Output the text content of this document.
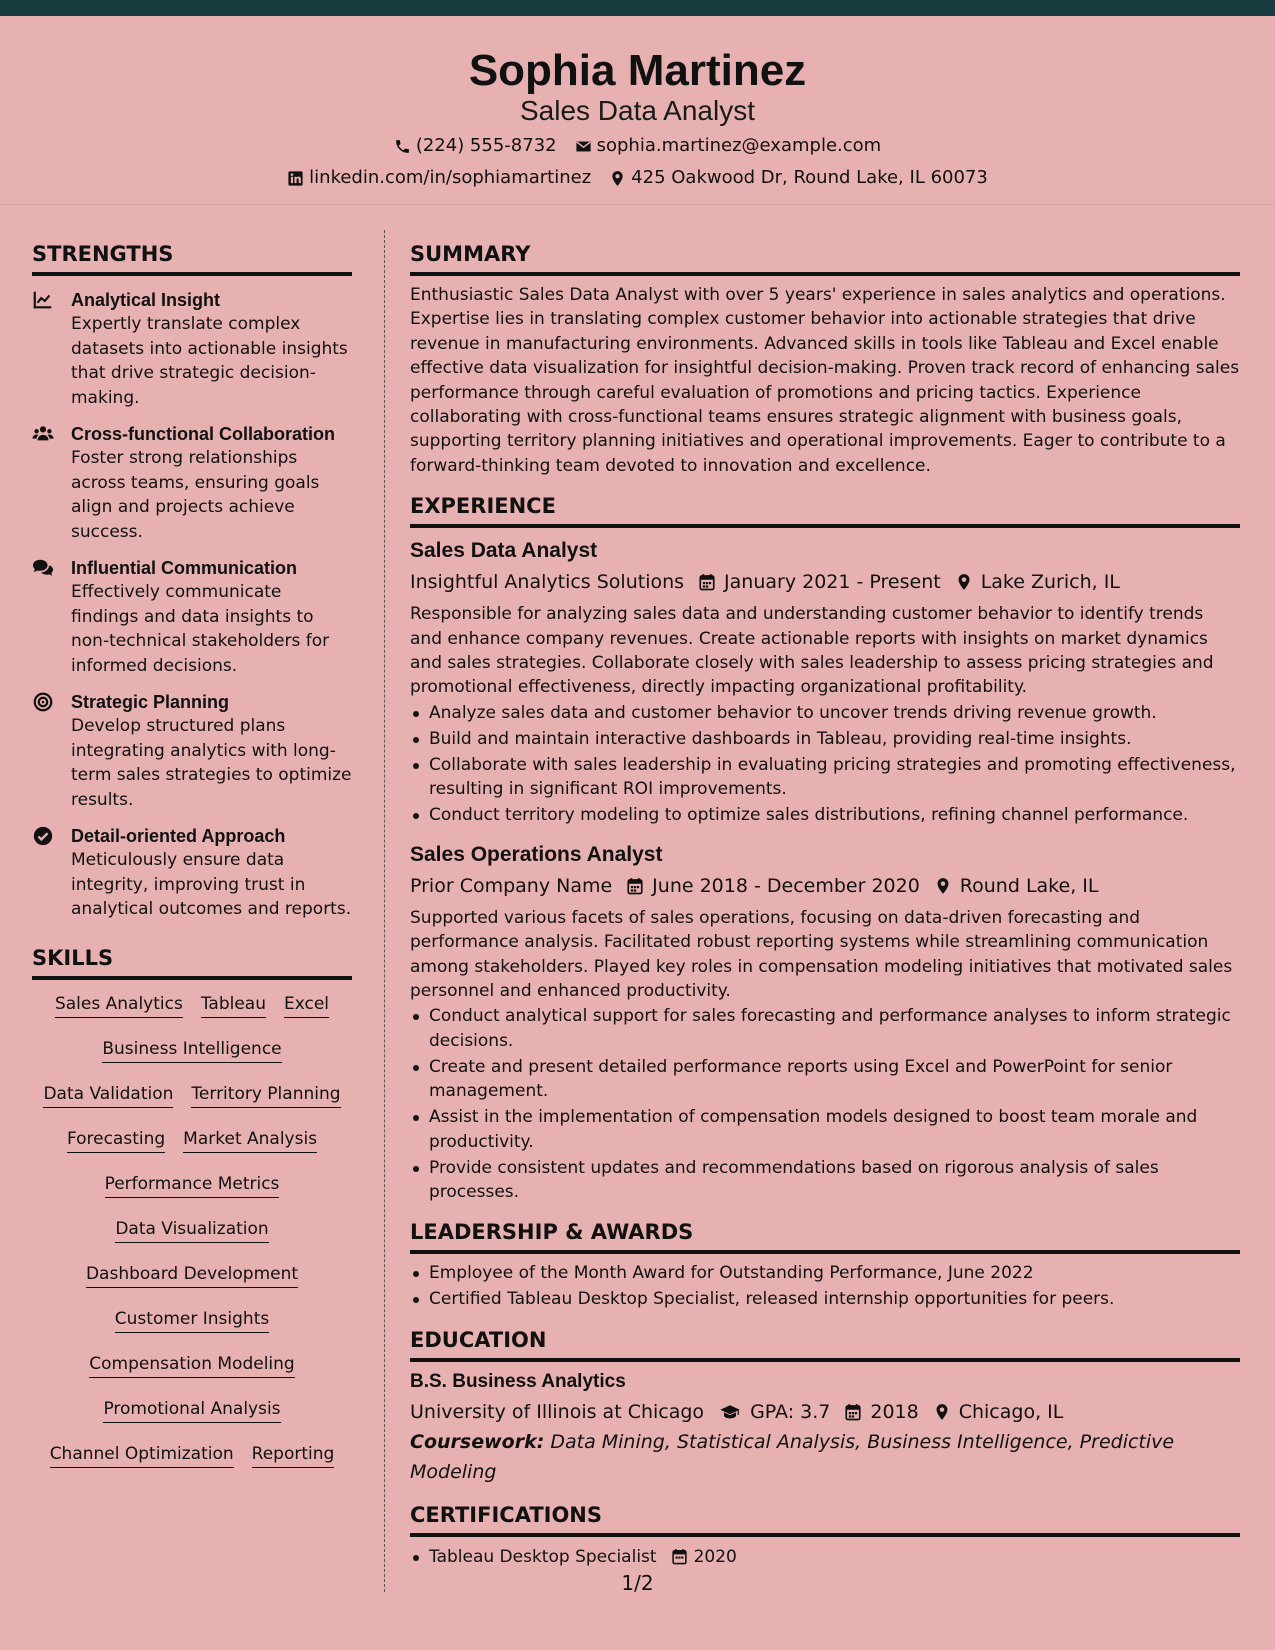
Sophia Martinez
Sales Data Analyst
(224) 555-8732 sophia.martinez@example.com
linkedin.com/in/sophiamartinez 425 Oakwood Dr, Round Lake, IL 60073
STRENGTHS
Analytical Insight
Expertly translate complex datasets into actionable insights that drive strategic decision-making.
Cross-functional Collaboration
Foster strong relationships across teams, ensuring goals align and projects achieve success.
Influential Communication
Effectively communicate findings and data insights to non-technical stakeholders for informed decisions.
Strategic Planning
Develop structured plans integrating analytics with long-term sales strategies to optimize results.
Detail-oriented Approach
Meticulously ensure data integrity, improving trust in analytical outcomes and reports.
SKILLS
Sales Analytics Tableau Excel
Business Intelligence
Data Validation Territory Planning
Forecasting Market Analysis
Performance Metrics
Data Visualization
Dashboard Development
Customer Insights
Compensation Modeling
Promotional Analysis
Channel Optimization Reporting
SUMMARY
Enthusiastic Sales Data Analyst with over 5 years' experience in sales analytics and operations. Expertise lies in translating complex customer behavior into actionable strategies that drive revenue in manufacturing environments. Advanced skills in tools like Tableau and Excel enable effective data visualization for insightful decision-making. Proven track record of enhancing sales performance through careful evaluation of promotions and pricing tactics. Experience collaborating with cross-functional teams ensures strategic alignment with business goals, supporting territory planning initiatives and operational improvements. Eager to contribute to a forward-thinking team devoted to innovation and excellence.
EXPERIENCE
Sales Data Analyst
Insightful Analytics Solutions January 2021 - Present Lake Zurich, IL
Responsible for analyzing sales data and understanding customer behavior to identify trends and enhance company revenues. Create actionable reports with insights on market dynamics and sales strategies. Collaborate closely with sales leadership to assess pricing strategies and promotional effectiveness, directly impacting organizational profitability.
Analyze sales data and customer behavior to uncover trends driving revenue growth.
Build and maintain interactive dashboards in Tableau, providing real-time insights.
Collaborate with sales leadership in evaluating pricing strategies and promoting effectiveness, resulting in significant ROI improvements.
Conduct territory modeling to optimize sales distributions, refining channel performance.
Sales Operations Analyst
Prior Company Name June 2018 - December 2020 Round Lake, IL
Supported various facets of sales operations, focusing on data-driven forecasting and performance analysis. Facilitated robust reporting systems while streamlining communication among stakeholders. Played key roles in compensation modeling initiatives that motivated sales personnel and enhanced productivity.
Conduct analytical support for sales forecasting and performance analyses to inform strategic decisions.
Create and present detailed performance reports using Excel and PowerPoint for senior management.
Assist in the implementation of compensation models designed to boost team morale and productivity.
Provide consistent updates and recommendations based on rigorous analysis of sales processes.
LEADERSHIP & AWARDS
Employee of the Month Award for Outstanding Performance, June 2022
Certified Tableau Desktop Specialist, released internship opportunities for peers.
EDUCATION
B.S. Business Analytics
University of Illinois at Chicago GPA: 3.7 2018 Chicago, IL
Coursework: Data Mining, Statistical Analysis, Business Intelligence, Predictive Modeling
CERTIFICATIONS
Tableau Desktop Specialist 2020
1/2
